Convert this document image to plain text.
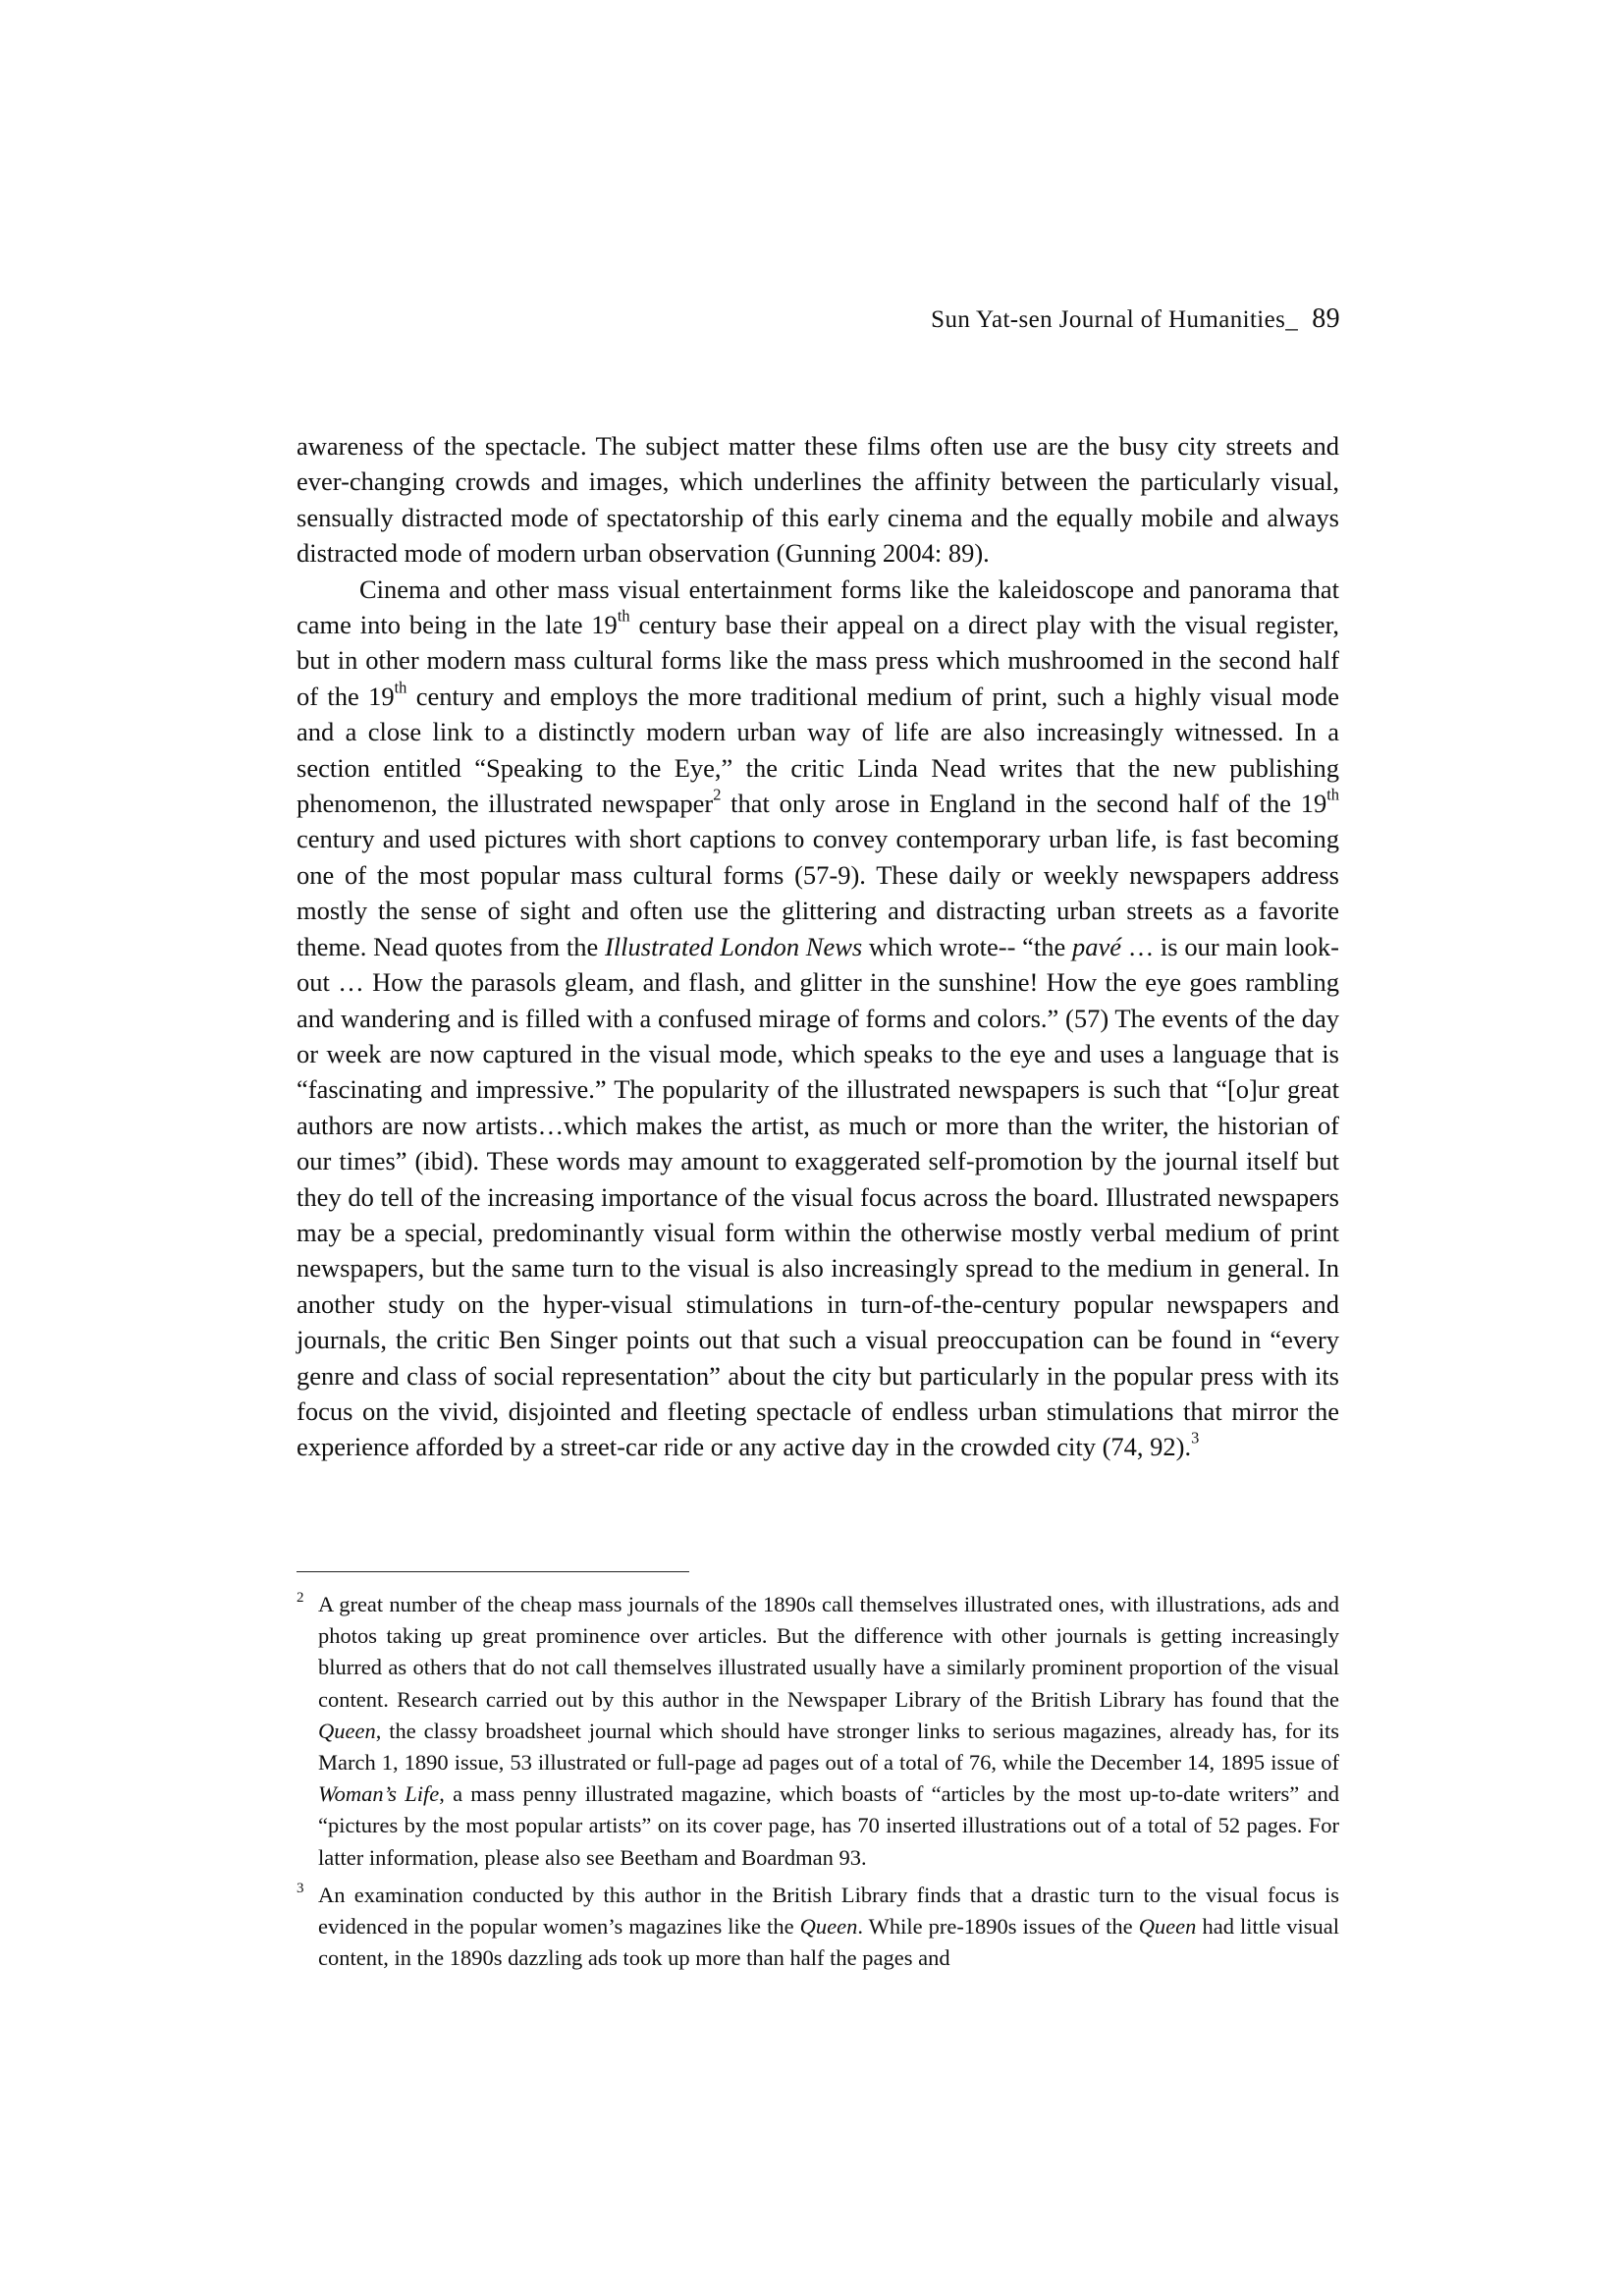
Sun Yat-sen Journal of Humanities_ 89

awareness of the spectacle. The subject matter these films often use are the busy city streets and ever-changing crowds and images, which underlines the affinity between the particularly visual, sensually distracted mode of spectatorship of this early cinema and the equally mobile and always distracted mode of modern urban observation (Gunning 2004: 89).

Cinema and other mass visual entertainment forms like the kaleidoscope and panorama that came into being in the late 19th century base their appeal on a direct play with the visual register, but in other modern mass cultural forms like the mass press which mushroomed in the second half of the 19th century and employs the more traditional medium of print, such a highly visual mode and a close link to a distinctly modern urban way of life are also increasingly witnessed. In a section entitled “Speaking to the Eye,” the critic Linda Nead writes that the new publishing phenomenon, the illustrated newspaper$^2$ that only arose in England in the second half of the 19th century and used pictures with short captions to convey contemporary urban life, is fast becoming one of the most popular mass cultural forms (57-9). These daily or weekly newspapers address mostly the sense of sight and often use the glittering and distracting urban streets as a favorite theme. Nead quotes from the Illustrated London News which wrote-- “the pavé … is our main look-out … How the parasols gleam, and flash, and glitter in the sunshine! How the eye goes rambling and wandering and is filled with a confused mirage of forms and colors.” (57) The events of the day or week are now captured in the visual mode, which speaks to the eye and uses a language that is “fascinating and impressive.” The popularity of the illustrated newspapers is such that “[o]ur great authors are now artists…which makes the artist, as much or more than the writer, the historian of our times” (ibid). These words may amount to exaggerated self-promotion by the journal itself but they do tell of the increasing importance of the visual focus across the board. Illustrated newspapers may be a special, predominantly visual form within the otherwise mostly verbal medium of print newspapers, but the same turn to the visual is also increasingly spread to the medium in general. In another study on the hyper-visual stimulations in turn-of-the-century popular newspapers and journals, the critic Ben Singer points out that such a visual preoccupation can be found in “every genre and class of social representation” about the city but particularly in the popular press with its focus on the vivid, disjointed and fleeting spectacle of endless urban stimulations that mirror the experience afforded by a street-car ride or any active day in the crowded city (74, 92).$^3$

2 A great number of the cheap mass journals of the 1890s call themselves illustrated ones, with illustrations, ads and photos taking up great prominence over articles. But the difference with other journals is getting increasingly blurred as others that do not call themselves illustrated usually have a similarly prominent proportion of the visual content. Research carried out by this author in the Newspaper Library of the British Library has found that the Queen, the classy broadsheet journal which should have stronger links to serious magazines, already has, for its March 1, 1890 issue, 53 illustrated or full-page ad pages out of a total of 76, while the December 14, 1895 issue of Woman’s Life, a mass penny illustrated magazine, which boasts of “articles by the most up-to-date writers” and “pictures by the most popular artists” on its cover page, has 70 inserted illustrations out of a total of 52 pages. For latter information, please also see Beetham and Boardman 93.

3 An examination conducted by this author in the British Library finds that a drastic turn to the visual focus is evidenced in the popular women’s magazines like the Queen. While pre-1890s issues of the Queen had little visual content, in the 1890s dazzling ads took up more than half the pages and
